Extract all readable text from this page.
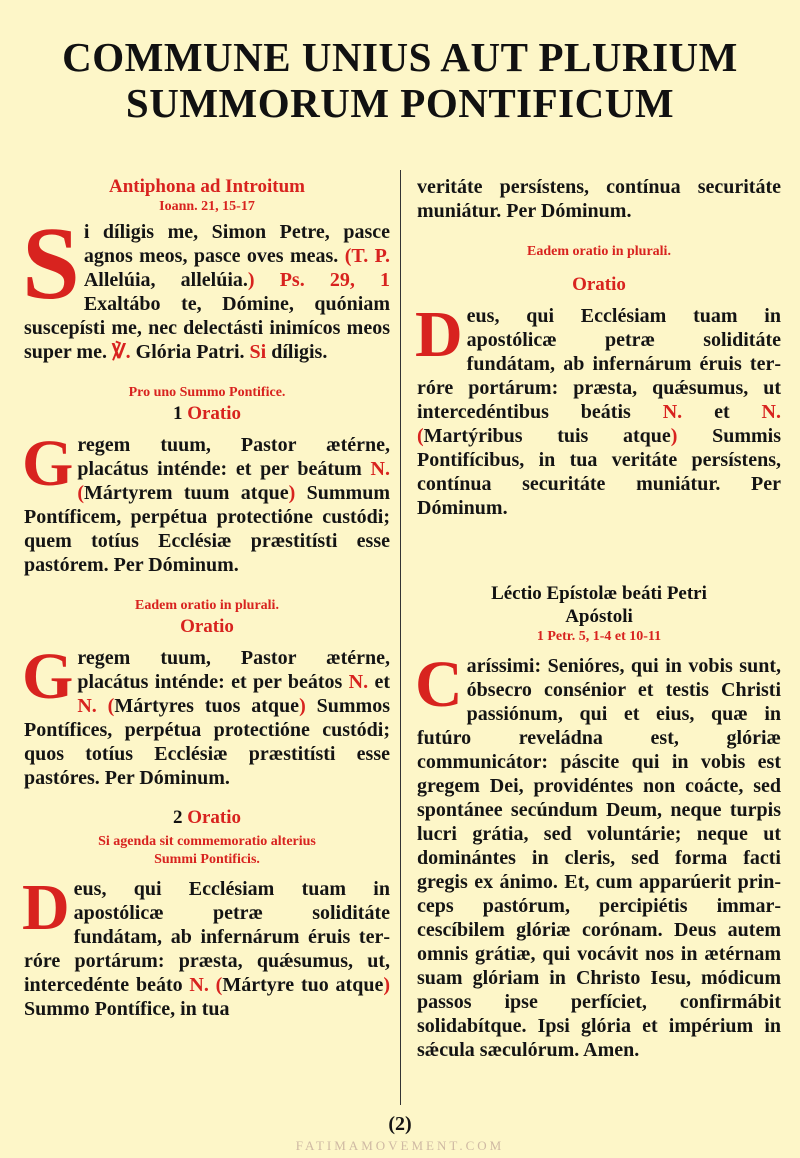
COMMUNE UNIUS AUT PLURIUM
SUMMORUM PONTIFICUM
Antiphona ad Introitum
Ioann. 21, 15-17

Si díligis me, Simon Petre, pasce agnos meos, pasce oves meas. (T. P. Allelúia, allelúia.) Ps. 29, 1 Exaltábo te, Dómine, quóniam suscepísti me, nec delectásti inimícos meos super me. ℣. Glória Patri. Si díligis.

Pro uno Summo Pontifice.
1 Oratio

Gregem tuum, Pastor ætérne, placátus inténde: et per beátum N. (Mártyrem tuum atque) Summum Pontíficem, perpétua protectióne custódi; quem totíus Ecclésiæ præstitísti esse pastórem. Per Dóminum.

Eadem oratio in plurali.
Oratio

Gregem tuum, Pastor ætérne, placátus inténde: et per beátos N. et N. (Mártyres tuos atque) Summos Pontífices, perpétua protectióne custódi; quos totíus Ecclésiæ præstitísti esse pastóres. Per Dóminum.

2 Oratio
Si agenda sit commemoratio alterius
Summi Pontificis.

Deus, qui Ecclésiam tuam in apostólicæ petræ soliditáte fundátam, ab infernárum éruis terróre portárum: præsta, quǽsumus, ut, intercedénte beáto N. (Mártyre tuo atque) Summo Pontífice, in tua

veritáte persístens, contínua securitáte muniátur. Per Dóminum.

Eadem oratio in plurali.
Oratio

Deus, qui Ecclésiam tuam in apostólicæ petræ soliditáte fundátam, ab infernárum éruis terróre portárum: præsta, quǽsumus, ut intercedéntibus beátis N. et N. (Martýribus tuis atque) Summis Pontifícibus, in tua veritáte persístens, contínua securitáte muniátur. Per Dóminum.

Léctio Epístolæ beáti Petri
Apóstoli
1 Petr. 5, 1-4 et 10-11

Caríssimi: Senióres, qui in vobis sunt, óbsecro consénior et testis Christi passiónum, qui et eius, quæ in futúro reveládna est, glóriæ communicátor: páscite qui in vobis est gregem Dei, providéntes non coácte, sed spontánee secúndum Deum, neque turpis lucri grátia, sed voluntárie; neque ut dominántes in cleris, sed forma facti gregis ex ánimo. Et, cum apparúerit princeps pastórum, percipiétis immarcescíbilem glóriæ corónam. Deus autem omnis grátiæ, qui vocávit nos in ætérnam suam glóriam in Christo Iesu, módicum passos ipse perfíciet, confirmábit solidabítque. Ipsi glória et impérium in sǽcula sæculórum. Amen.

(2)
FATIMAMOVEMENT.COM
